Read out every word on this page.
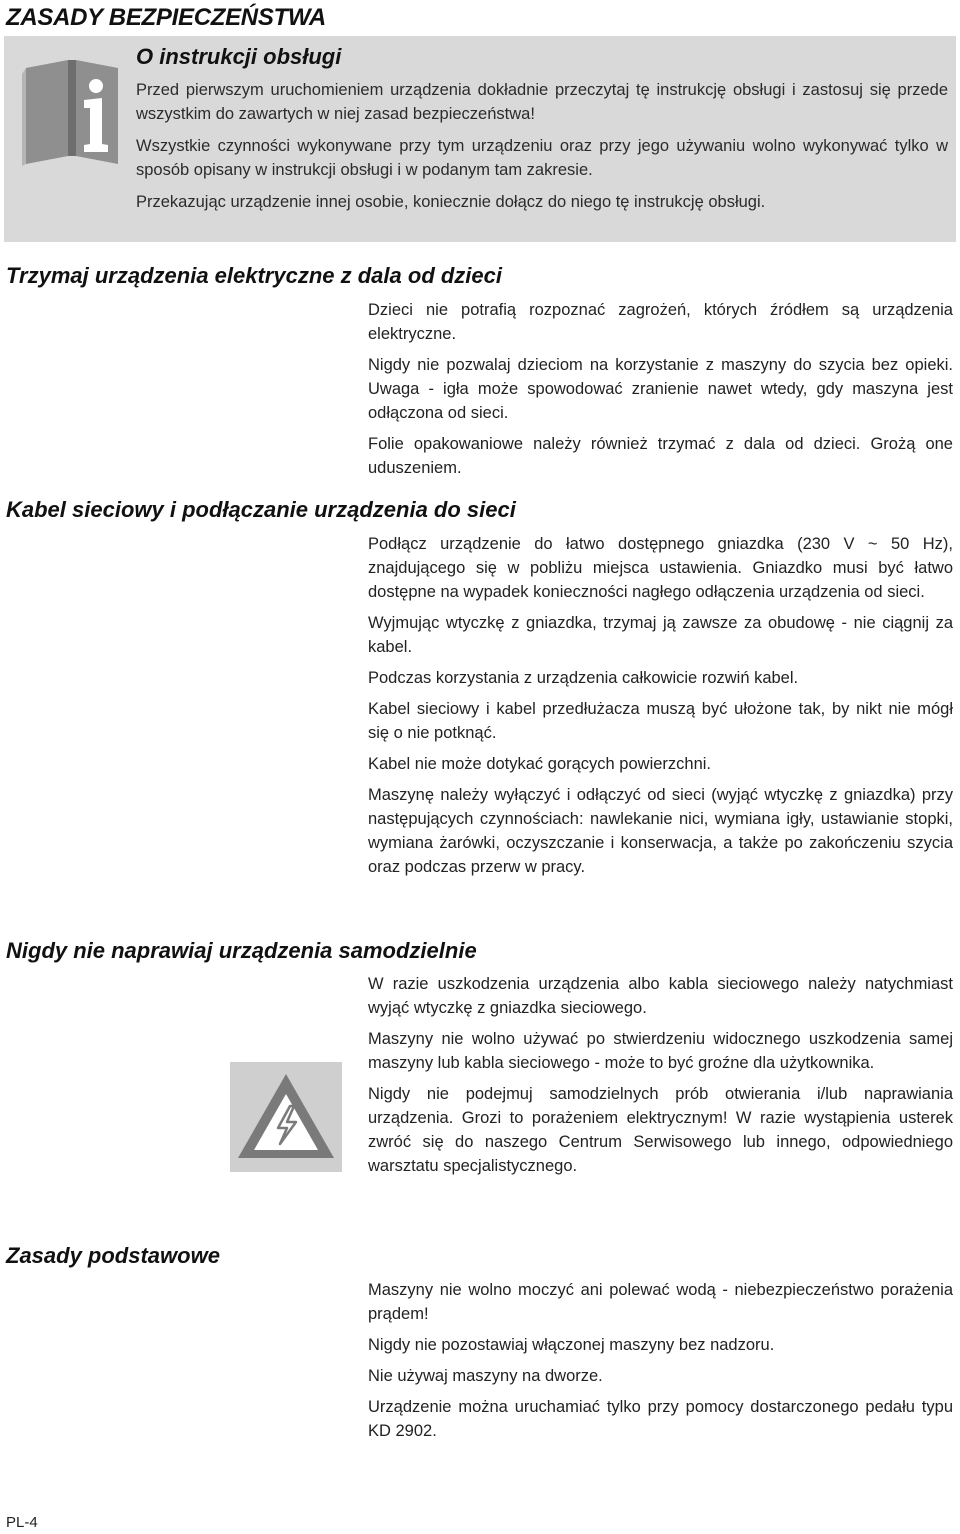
ZASADY BEZPIECZEŃSTWA
O instrukcji obsługi

Przed pierwszym uruchomieniem urządzenia dokładnie przeczytaj tę instrukcję obsługi i zastosuj się przede wszystkim do zawartych w niej zasad bezpieczeństwa!

Wszystkie czynności wykonywane przy tym urządzeniu oraz przy jego używaniu wolno wykonywać tylko w sposób opisany w instrukcji obsługi i w podanym tam zakresie.

Przekazując urządzenie innej osobie, koniecznie dołącz do niego tę instrukcję obsługi.

Trzymaj urządzenia elektryczne z dala od dzieci

Dzieci nie potrafią rozpoznać zagrożeń, których źródłem są urządzenia elektryczne.

Nigdy nie pozwalaj dzieciom na korzystanie z maszyny do szycia bez opieki. Uwaga - igła może spowodować zranienie nawet wtedy, gdy maszyna jest odłączona od sieci.

Folie opakowaniowe należy również trzymać z dala od dzieci. Grożą one uduszeniem.

Kabel sieciowy i podłączanie urządzenia do sieci

Podłącz urządzenie do łatwo dostępnego gniazdka (230 V ~ 50 Hz), znajdującego się w pobliżu miejsca ustawienia. Gniazdko musi być łatwo dostępne na wypadek konieczności nagłego odłączenia urządzenia od sieci.

Wyjmując wtyczkę z gniazdka, trzymaj ją zawsze za obudowę - nie ciągnij za kabel.

Podczas korzystania z urządzenia całkowicie rozwiń kabel.

Kabel sieciowy i kabel przedłużacza muszą być ułożone tak, by nikt nie mógł się o nie potknąć.

Kabel nie może dotykać gorących powierzchni.

Maszynę należy wyłączyć i odłączyć od sieci (wyjąć wtyczkę z gniazdka) przy następujących czynnościach: nawlekanie nici, wymiana igły, ustawianie stopki, wymiana żarówki, oczyszczanie i konserwacja, a także po zakończeniu szycia oraz podczas przerw w pracy.

Nigdy nie naprawiaj urządzenia samodzielnie

W razie uszkodzenia urządzenia albo kabla sieciowego należy natychmiast wyjąć wtyczkę z gniazdka sieciowego.

Maszyny nie wolno używać po stwierdzeniu widocznego uszkodzenia samej maszyny lub kabla sieciowego - może to być groźne dla użytkownika.

Nigdy nie podejmuj samodzielnych prób otwierania i/lub naprawiania urządzenia. Grozi to porażeniem elektrycznym! W razie wystąpienia usterek zwróć się do naszego Centrum Serwisowego lub innego, odpowiedniego warsztatu specjalistycznego.

Zasady podstawowe

Maszyny nie wolno moczyć ani polewać wodą - niebezpieczeństwo porażenia prądem!

Nigdy nie pozostawiaj włączonej maszyny bez nadzoru.

Nie używaj maszyny na dworze.

Urządzenie można uruchamiać tylko przy pomocy dostarczonego pedału typu KD 2902.

PL-4
